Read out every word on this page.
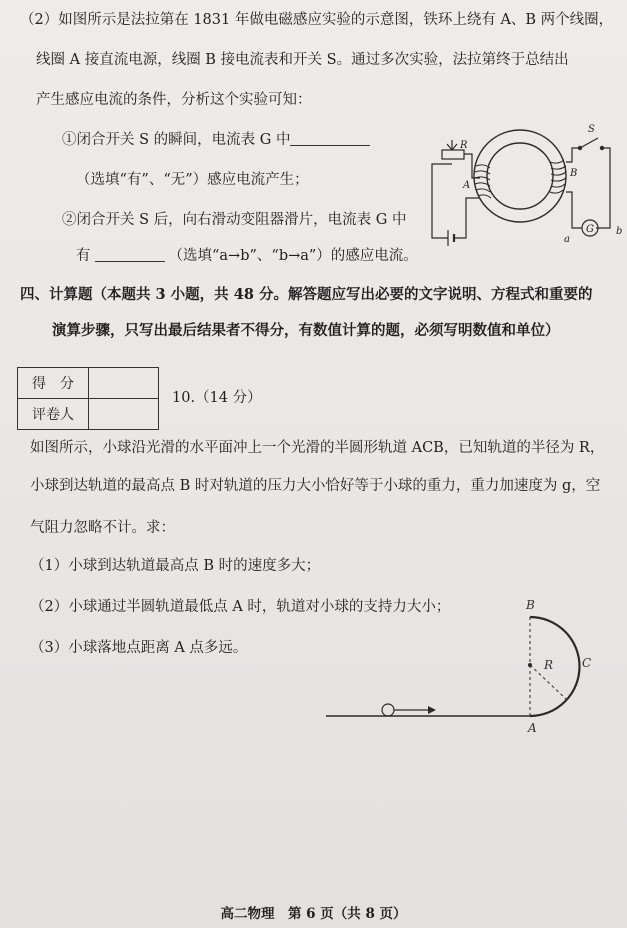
（2）如图所示是法拉第在 1831 年做电磁感应实验的示意图，铁环上绕有 A、B 两个线圈，
线圈 A 接直流电源，线圈 B 接电流表和开关 S。通过多次实验，法拉第终于总结出
产生感应电流的条件，分析这个实验可知：
①闭合开关 S 的瞬间，电流表 G 中
（选填“有”、“无”）感应电流产生；
②闭合开关 S 后，向右滑动变阻器滑片，电流表 G 中
有	（选填“a→b”、“b→a”）的感应电流。
R
S
A
B
G
a
b
四、计算题（本题共 3 小题，共 48 分。解答题应写出必要的文字说明、方程式和重要的
演算步骤，只写出最后结果者不得分，有数值计算的题，必须写明数值和单位）
得　分	
评卷人	
10.（14 分）
如图所示，小球沿光滑的水平面冲上一个光滑的半圆形轨道 ACB，已知轨道的半径为 R，
小球到达轨道的最高点 B 时对轨道的压力大小恰好等于小球的重力，重力加速度为 g，空
气阻力忽略不计。求：
（1）小球到达轨道最高点 B 时的速度多大；
（2）小球通过半圆轨道最低点 A 时，轨道对小球的支持力大小；
（3）小球落地点距离 A 点多远。
B
R C
A
高二物理　第 6 页（共 8 页）
